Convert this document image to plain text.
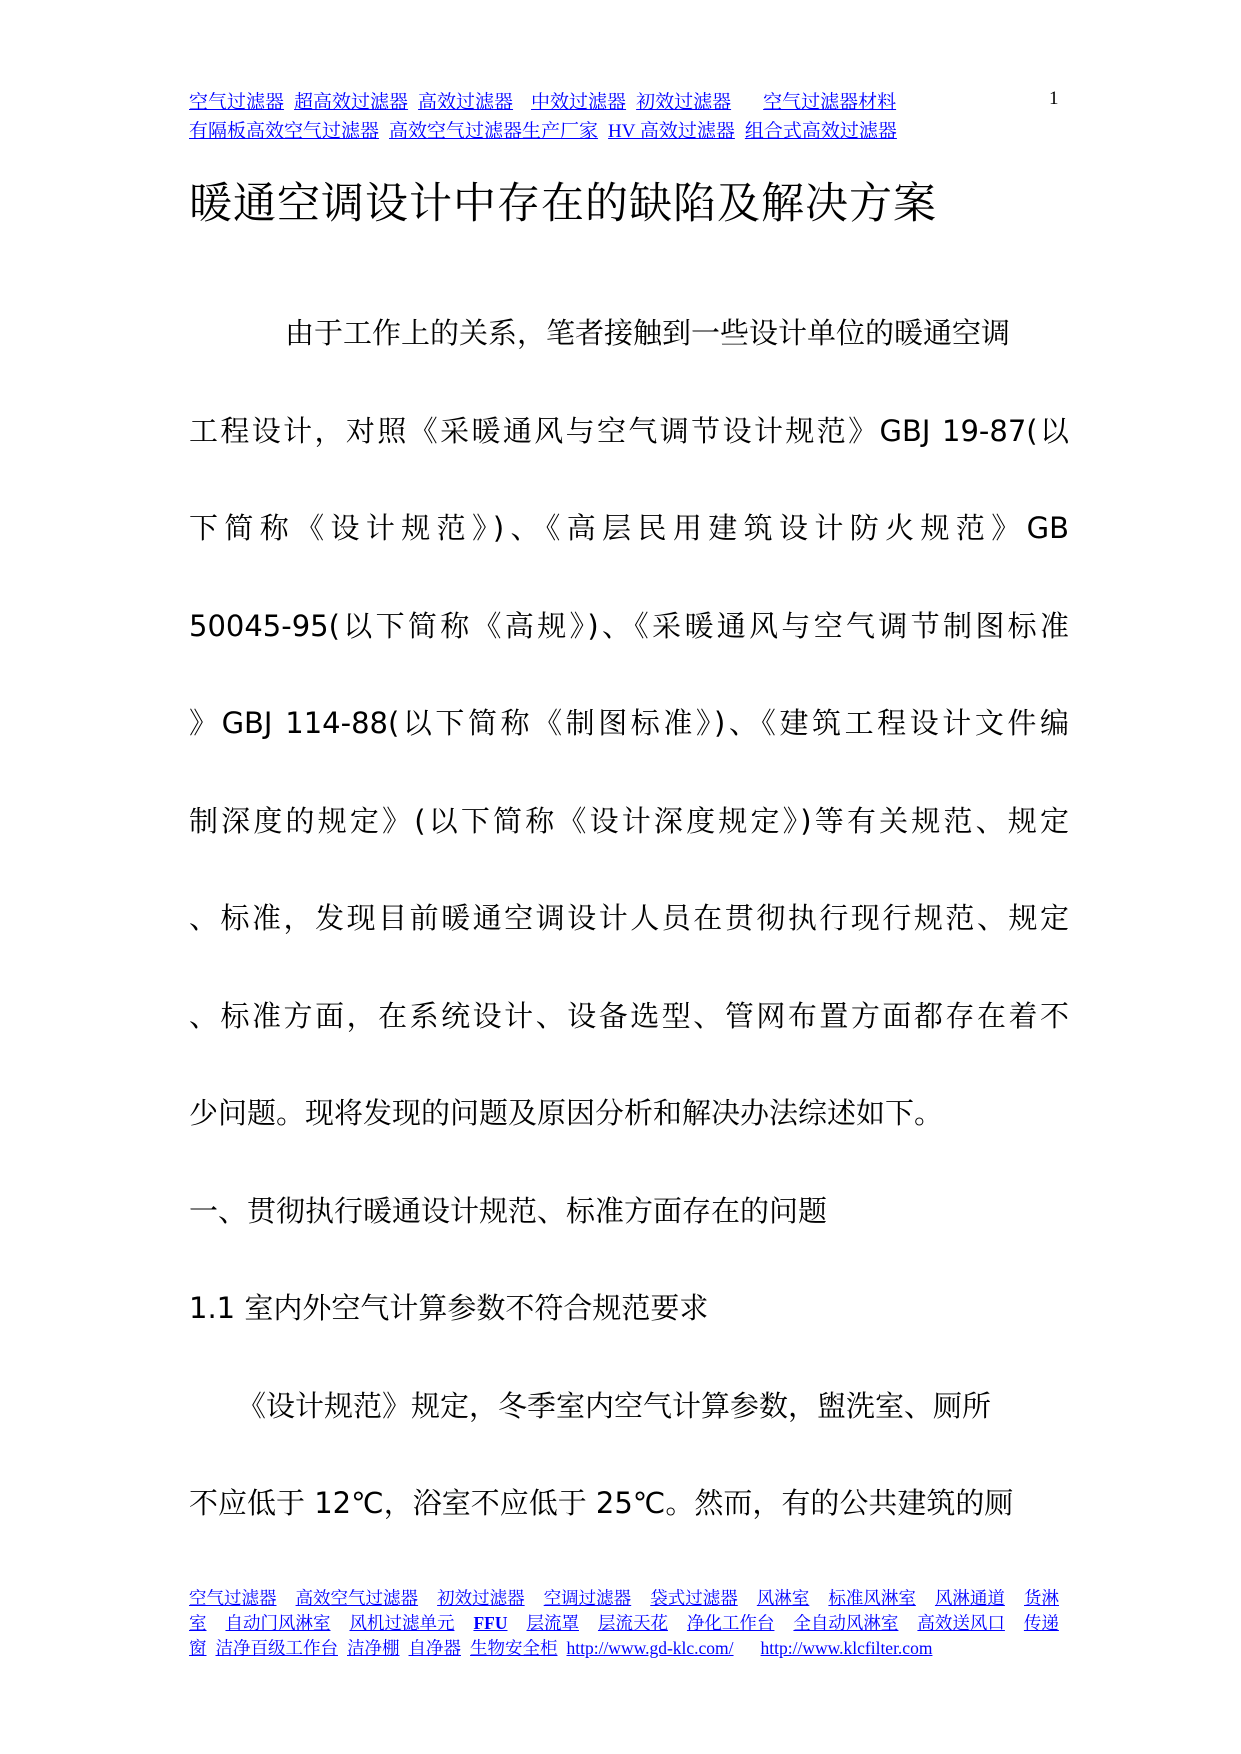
空气过滤器 超高效过滤器 高效过滤器 中效过滤器 初效过滤器 空气过滤器材料
有隔板高效空气过滤器 高效空气过滤器生产厂家 HV 高效过滤器 组合式高效过滤器
1
暖通空调设计中存在的缺陷及解决方案
由于工作上的关系，笔者接触到一些设计单位的暖通空调
工程设计，对照《采暖通风与空气调节设计规范》GBJ 19-87(以
下简称《设计规范》)、《高层民用建筑设计防火规范》GB
50045-95(以下简称《高规》)、《采暖通风与空气调节制图标准
》GBJ 114-88(以下简称《制图标准》)、《建筑工程设计文件编
制深度的规定》(以下简称《设计深度规定》)等有关规范、规定
、标准，发现目前暖通空调设计人员在贯彻执行现行规范、规定
、标准方面，在系统设计、设备选型、管网布置方面都存在着不
少问题。现将发现的问题及原因分析和解决办法综述如下。
一、贯彻执行暖通设计规范、标准方面存在的问题
1.1 室内外空气计算参数不符合规范要求
《设计规范》规定，冬季室内空气计算参数，盥洗室、厕所
不应低于 12℃，浴室不应低于 25℃。然而，有的公共建筑的厕
空气过滤器 高效空气过滤器 初效过滤器 空调过滤器 袋式过滤器 风淋室 标准风淋室 风淋通道 货淋
室 自动门风淋室 风机过滤单元 FFU 层流罩 层流天花 净化工作台 全自动风淋室 高效送风口 传递
窗 洁净百级工作台 洁净棚 自净器 生物安全柜 http://www.gd-klc.com/ http://www.klcfilter.com
